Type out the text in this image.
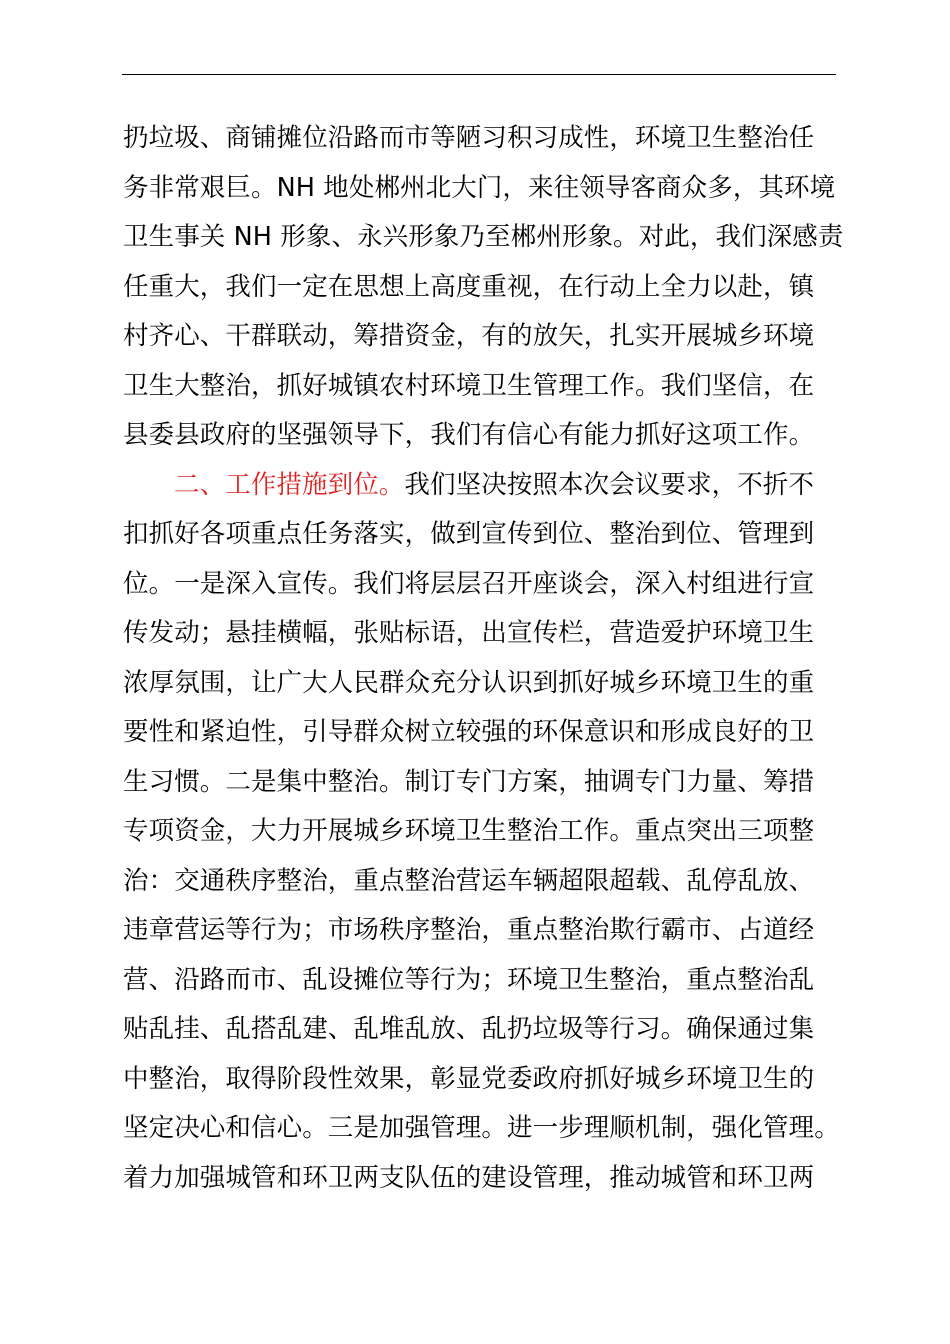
扔垃圾、商铺摊位沿路而市等陋习积习成性，环境卫生整治任
务非常艰巨。NH 地处郴州北大门，来往领导客商众多，其环境
卫生事关 NH 形象、永兴形象乃至郴州形象。对此，我们深感责
任重大，我们一定在思想上高度重视，在行动上全力以赴，镇
村齐心、干群联动，筹措资金，有的放矢，扎实开展城乡环境
卫生大整治，抓好城镇农村环境卫生管理工作。我们坚信，在
县委县政府的坚强领导下，我们有信心有能力抓好这项工作。
二、工作措施到位。我们坚决按照本次会议要求，不折不
扣抓好各项重点任务落实，做到宣传到位、整治到位、管理到
位。一是深入宣传。我们将层层召开座谈会，深入村组进行宣
传发动；悬挂横幅，张贴标语，出宣传栏，营造爱护环境卫生
浓厚氛围，让广大人民群众充分认识到抓好城乡环境卫生的重
要性和紧迫性，引导群众树立较强的环保意识和形成良好的卫
生习惯。二是集中整治。制订专门方案，抽调专门力量、筹措
专项资金，大力开展城乡环境卫生整治工作。重点突出三项整
治：交通秩序整治，重点整治营运车辆超限超载、乱停乱放、
违章营运等行为；市场秩序整治，重点整治欺行霸市、占道经
营、沿路而市、乱设摊位等行为；环境卫生整治，重点整治乱
贴乱挂、乱搭乱建、乱堆乱放、乱扔垃圾等行习。确保通过集
中整治，取得阶段性效果，彰显党委政府抓好城乡环境卫生的
坚定决心和信心。三是加强管理。进一步理顺机制，强化管理。
着力加强城管和环卫两支队伍的建设管理，推动城管和环卫两
